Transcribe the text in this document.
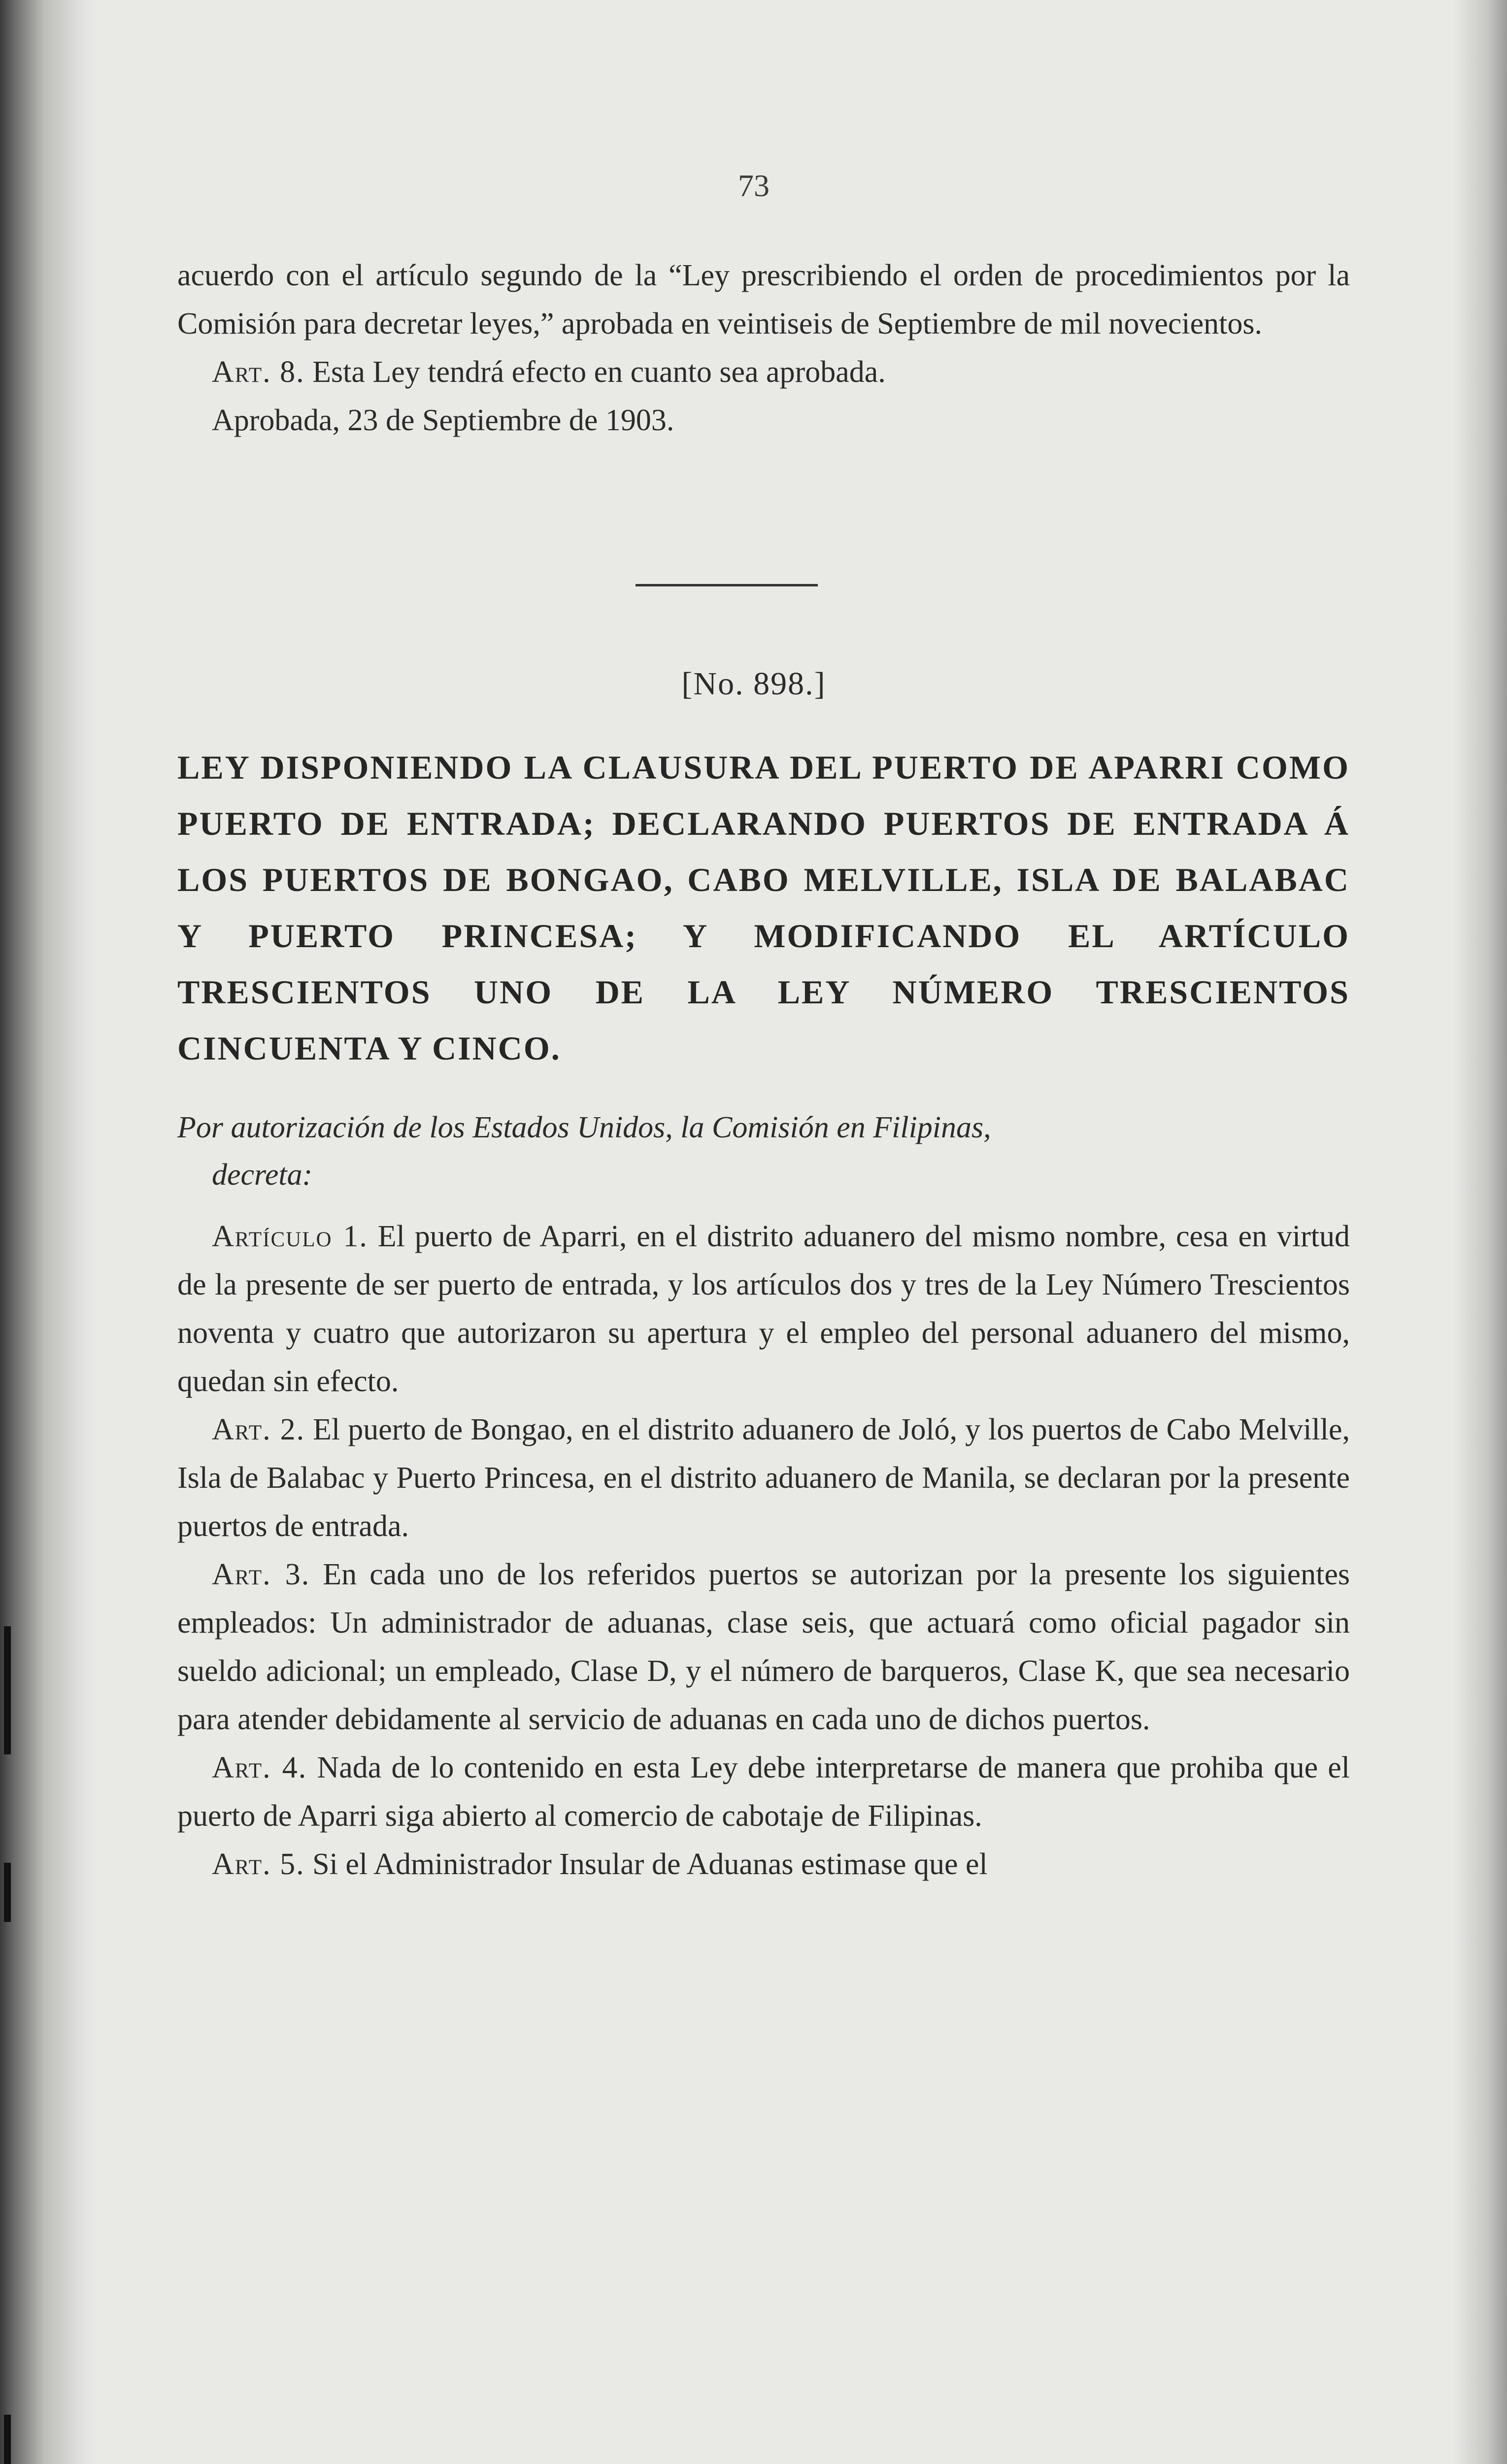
73

acuerdo con el artículo segundo de la “Ley prescribiendo el orden de procedimientos por la Comisión para decretar leyes,” aprobada en veintiseis de Septiembre de mil novecientos.

Art. 8. Esta Ley tendrá efecto en cuanto sea aprobada.

Aprobada, 23 de Septiembre de 1903.

[No. 898.]
LEY DISPONIENDO LA CLAUSURA DEL PUERTO DE APARRI COMO PUERTO DE ENTRADA; DECLARANDO PUERTOS DE ENTRADA Á LOS PUERTOS DE BONGAO, CABO MELVILLE, ISLA DE BALABAC Y PUERTO PRINCESA; Y MODIFICANDO EL ARTÍCULO TRESCIENTOS UNO DE LA LEY NÚMERO TRESCIENTOS CINCUENTA Y CINCO.

Por autorización de los Estados Unidos, la Comisión en Filipinas,

decreta:

Artículo 1. El puerto de Aparri, en el distrito aduanero del mismo nombre, cesa en virtud de la presente de ser puerto de entrada, y los artículos dos y tres de la Ley Número Trescientos noventa y cuatro que autorizaron su apertura y el empleo del personal aduanero del mismo, quedan sin efecto.

Art. 2. El puerto de Bongao, en el distrito aduanero de Joló, y los puertos de Cabo Melville, Isla de Balabac y Puerto Princesa, en el distrito aduanero de Manila, se declaran por la presente puertos de entrada.

Art. 3. En cada uno de los referidos puertos se autorizan por la presente los siguientes empleados: Un administrador de aduanas, clase seis, que actuará como oficial pagador sin sueldo adicional; un empleado, Clase D, y el número de barqueros, Clase K, que sea necesario para atender debidamente al servicio de aduanas en cada uno de dichos puertos.

Art. 4. Nada de lo contenido en esta Ley debe interpretarse de manera que prohiba que el puerto de Aparri siga abierto al comercio de cabotaje de Filipinas.

Art. 5. Si el Administrador Insular de Aduanas estimase que el
